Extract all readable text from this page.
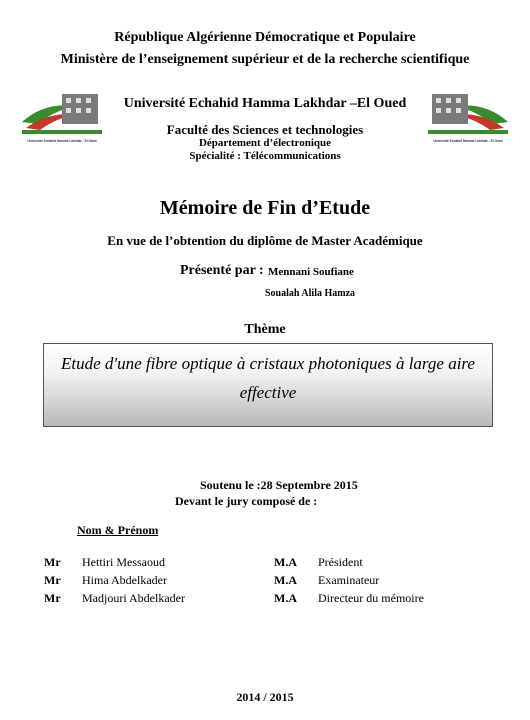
République Algérienne Démocratique et Populaire
Ministère de l’enseignement supérieur et de la recherche scientifique
Université Echahid Hamma Lakhdar - El Oued	Université Echahid Hamma Lakhdar - El Oued
Université Echahid Hamma Lakhdar –El Oued
Faculté des Sciences et technologies
Département d’électronique
Spécialité : Télécommunications
Mémoire de Fin d’Etude
En vue de l’obtention du diplôme de Master Académique
Présenté par : Mennani Soufiane
Soualah Alila Hamza
Thème
Etude d'une fibre optique à cristaux photoniques à large aire effective
Soutenu le :28 Septembre 2015
Devant le jury composé de :
Nom & Prénom
Mr Hettiri Messaoud	M.A Président
Mr Hima Abdelkader	M.A Examinateur
Mr Madjouri Abdelkader	M.A Directeur du mémoire
2014 / 2015
